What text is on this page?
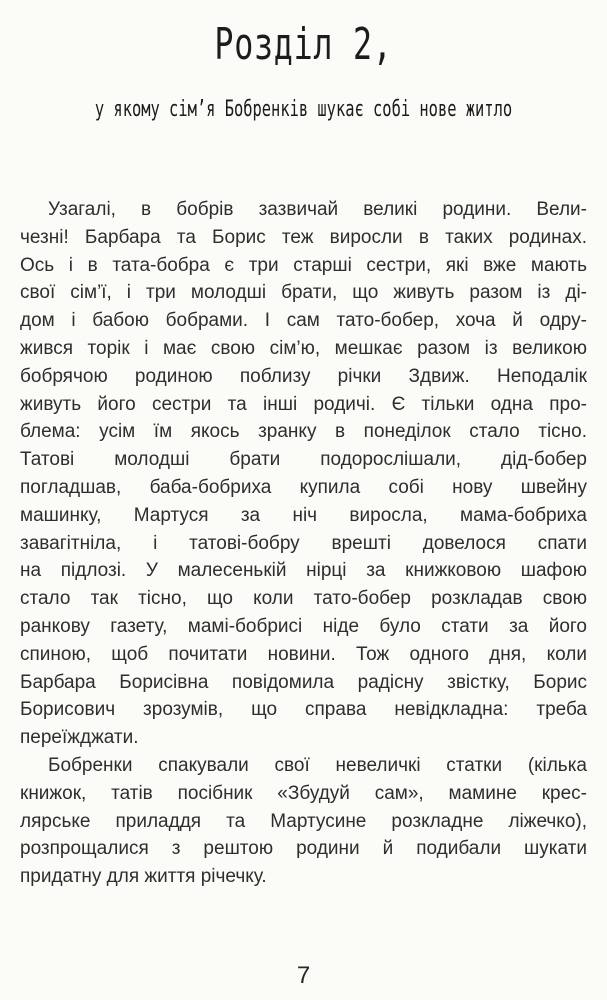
Розділ 2,
у якому сім’я Бобренків шукає собі нове житло
Узагалі, в бобрів зазвичай великі родини. Вели-
чезні! Барбара та Борис теж виросли в таких родинах.
Ось і в тата-бобра є три старші сестри, які вже мають
свої сім’ї, і три молодші брати, що живуть разом із ді-
дом і бабою бобрами. І сам тато-бобер, хоча й одру-
жився торік і має свою сім’ю, мешкає разом із великою
бобрячою родиною поблизу річки Здвиж. Неподалік
живуть його сестри та інші родичі. Є тільки одна про-
блема: усім їм якось зранку в понеділок стало тісно.
Татові молодші брати подорослішали, дід-бобер
погладшав, баба-бобриха купила собі нову швейну
машинку, Мартуся за ніч виросла, мама-бобриха
завагітніла, і татові-бобру врешті довелося спати
на підлозі. У малесенькій нірці за книжковою шафою
стало так тісно, що коли тато-бобер розкладав свою
ранкову газету, мамі-бобрисі ніде було стати за його
спиною, щоб почитати новини. Тож одного дня, коли
Барбара Борисівна повідомила радісну звістку, Борис
Борисович зрозумів, що справа невідкладна: треба
переїжджати.
Бобренки спакували свої невеличкі статки (кілька
книжок, татів посібник «Збудуй сам», мамине крес-
лярське приладдя та Мартусине розкладне ліжечко),
розпрощалися з рештою родини й подибали шукати
придатну для життя річечку.
7
